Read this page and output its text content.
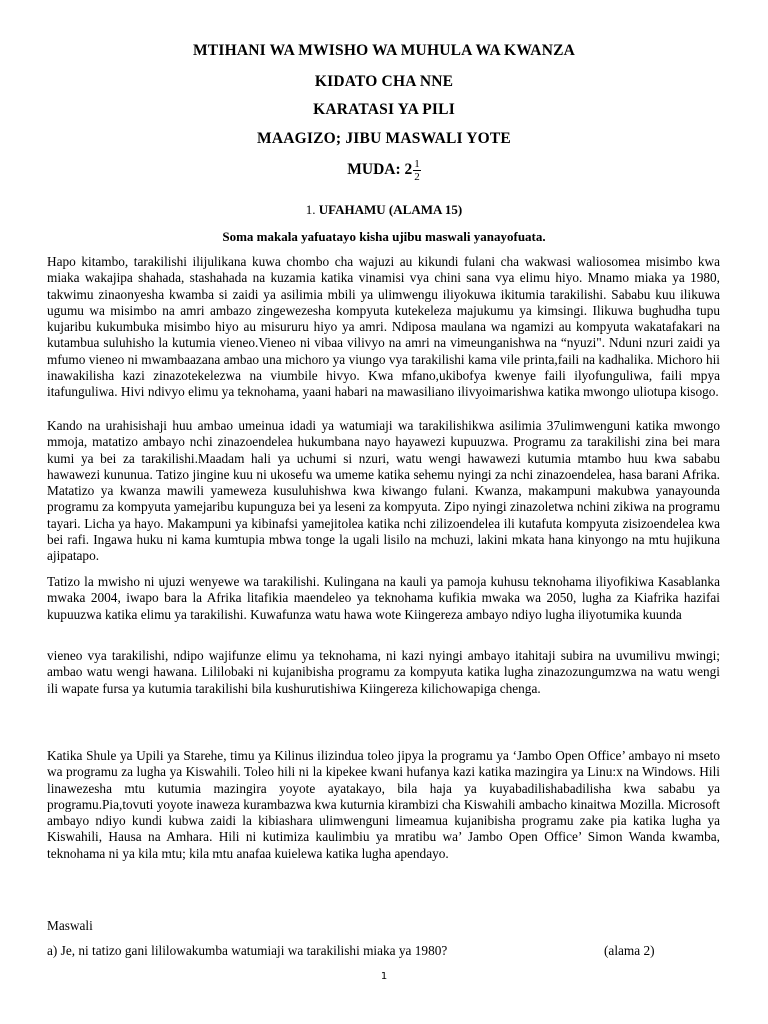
MTIHANI WA MWISHO WA MUHULA WA KWANZA
KIDATO CHA NNE
KARATASI YA PILI
MAAGIZO; JIBU MASWALI YOTE
MUDA: $2 \frac{1}{2}$
1. UFAHAMU (ALAMA 15)
Soma makala yafuatayo kisha ujibu maswali yanayofuata.

Hapo kitambo, tarakilishi ilijulikana kuwa chombo cha wajuzi au kikundi fulani cha wakwasi waliosomea misimbo kwa miaka wakajipa shahada, stashahada na kuzamia katika vinamisi vya chini sana vya elimu hiyo. Mnamo miaka ya 1980, takwimu zinaonyesha kwamba si zaidi ya asilimia mbili ya ulimwengu iliyokuwa ikitumia tarakilishi. Sababu kuu ilikuwa ugumu wa misimbo na amri ambazo zingewezesha kompyuta kutekeleza majukumu ya kimsingi. Ilikuwa bughudha tupu kujaribu kukumbuka misimbo hiyo au misururu hiyo ya amri. Ndiposa maulana wa ngamizi au kompyuta wakatafakari na kutambua suluhisho la kutumia vieneo.Vieneo ni vibaa vilivyo na amri na vimeunganishwa na “nyuzi". Nduni nzuri zaidi ya mfumo vieneo ni mwambaazana ambao una michoro ya viungo vya tarakilishi kama vile printa,faili na kadhalika. Michoro hii inawakilisha kazi zinazotekelezwa na viumbile hivyo. Kwa mfano,ukibofya kwenye faili ilyofunguliwa, faili mpya itafunguliwa. Hivi ndivyo elimu ya teknohama, yaani habari na mawasiliano ilivyoimarishwa katika mwongo uliotupa kisogo.

Kando na urahisishaji huu ambao umeinua idadi ya watumiaji wa tarakilishikwa asilimia 37ulimwenguni katika mwongo mmoja, matatizo ambayo nchi zinazoendelea hukumbana nayo hayawezi kupuuzwa. Programu za tarakilishi zina bei mara kumi ya bei za tarakilishi.Maadam hali ya uchumi si nzuri, watu wengi hawawezi kutumia mtambo huu kwa sababu hawawezi kununua. Tatizo jingine kuu ni ukosefu wa umeme katika sehemu nyingi za nchi zinazoendelea, hasa barani Afrika. Matatizo ya kwanza mawili yameweza kusuluhishwa kwa kiwango fulani. Kwanza, makampuni makubwa yanayounda programu za kompyuta yamejaribu kupunguza bei ya leseni za kompyuta. Zipo nyingi zinazoletwa nchini zikiwa na programu tayari. Licha ya hayo. Makampuni ya kibinafsi yamejitolea katika nchi zilizoendelea ili kutafuta kompyuta zisizoendelea kwa bei rafi. Ingawa huku ni kama kumtupia mbwa tonge la ugali lisilo na mchuzi, lakini mkata hana kinyongo na mtu hujikuna ajipatapo.

Tatizo la mwisho ni ujuzi wenyewe wa tarakilishi. Kulingana na kauli ya pamoja kuhusu teknohama iliyofikiwa Kasablanka mwaka 2004, iwapo bara la Afrika litafikia maendeleo ya teknohama kufikia mwaka wa 2050, lugha za Kiafrika hazifai kupuuzwa katika elimu ya tarakilishi. Kuwafunza watu hawa wote Kiingereza ambayo ndiyo lugha iliyotumika kuunda

vieneo vya tarakilishi, ndipo wajifunze elimu ya teknohama, ni kazi nyingi ambayo itahitaji subira na uvumilivu mwingi; ambao watu wengi hawana. Lililobaki ni kujanibisha programu za kompyuta katika lugha zinazozungumzwa na watu wengi ili wapate fursa ya kutumia tarakilishi bila kushurutishiwa Kiingereza kilichowapiga chenga.

Katika Shule ya Upili ya Starehe, timu ya Kilinus ilizindua toleo jipya la programu ya ‘Jambo Open Office’ ambayo ni mseto wa programu za lugha ya Kiswahili. Toleo hili ni la kipekee kwani hufanya kazi katika mazingira ya Linu:x na Windows. Hili linawezesha mtu kutumia mazingira yoyote ayatakayo, bila haja ya kuyabadilishabadilisha kwa sababu ya programu.Pia,tovuti yoyote inaweza kurambazwa kwa kuturnia kirambizi cha Kiswahili ambacho kinaitwa Mozilla. Microsoft ambayo ndiyo kundi kubwa zaidi la kibiashara ulimwenguni limeamua kujanibisha programu zake pia katika lugha ya Kiswahili, Hausa na Amhara. Hili ni kutimiza kaulimbiu ya mratibu wa’ Jambo Open Office’ Simon Wanda kwamba, teknohama ni ya kila mtu; kila mtu anafaa kuielewa katika lugha apendayo.

Maswali
a) Je, ni tatizo gani lililowakumba watumiaji wa tarakilishi miaka ya 1980?	(alama 2)
1
